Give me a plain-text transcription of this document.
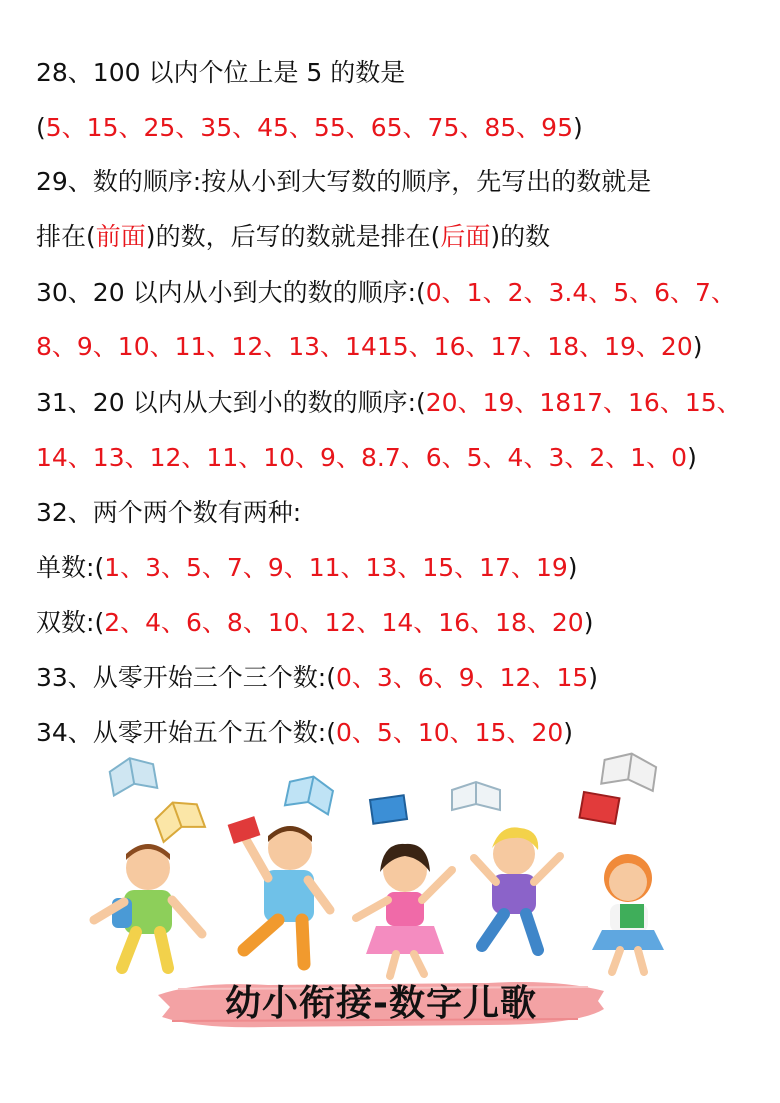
28、100 以内个位上是 5 的数是
(5、15、25、35、45、55、65、75、85、95)
29、数的顺序:按从小到大写数的顺序，先写出的数就是
排在(前面)的数，后写的数就是排在(后面)的数
30、20 以内从小到大的数的顺序:(0、1、2、3.4、5、6、7、
8、9、10、11、12、13、1415、16、17、18、19、20)
31、20 以内从大到小的数的顺序:(20、19、1817、16、15、
14、13、12、11、10、9、8.7、6、5、4、3、2、1、0)
32、两个两个数有两种:
单数:(1、3、5、7、9、11、13、15、17、19)
双数:(2、4、6、8、10、12、14、16、18、20)
33、从零开始三个三个数:(0、3、6、9、12、15)
34、从零开始五个五个数:(0、5、10、15、20)
幼小衔接-数字儿歌
